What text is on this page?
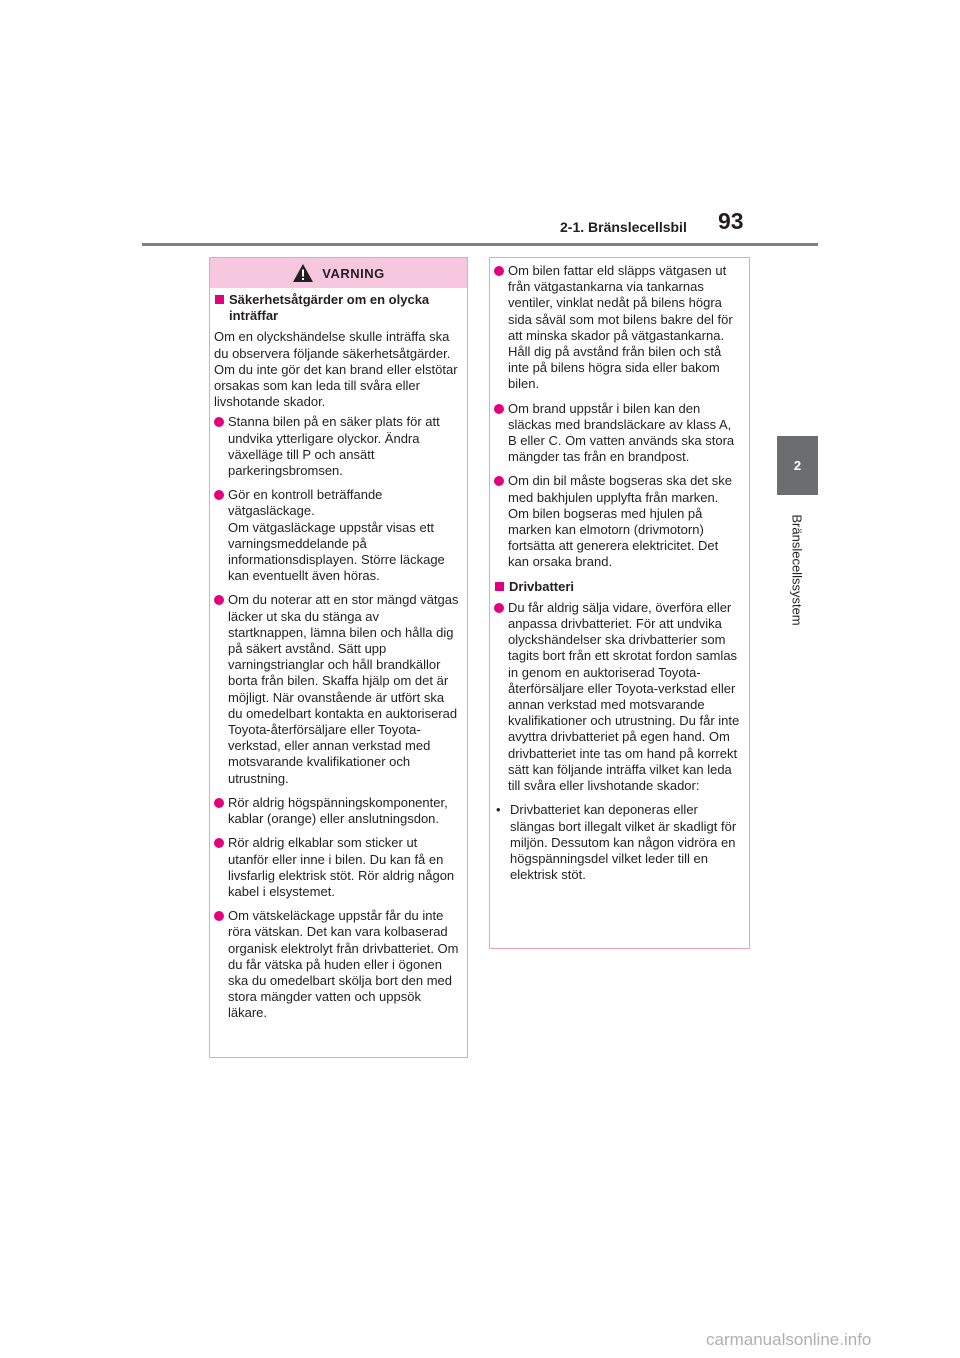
2-1. Bränslecellsbil 93
2
Bränslecellssystem
VARNING
Säkerhetsåtgärder om en olycka inträffar
Om en olyckshändelse skulle inträffa ska du observera följande säkerhetsåtgärder. Om du inte gör det kan brand eller elstötar orsakas som kan leda till svåra eller livshotande skador.
Stanna bilen på en säker plats för att undvika ytterligare olyckor. Ändra växelläge till P och ansätt parkeringsbromsen.
Gör en kontroll beträffande vätgasläckage.
Om vätgasläckage uppstår visas ett varningsmeddelande på informationsdisplayen. Större läckage kan eventuellt även höras.
Om du noterar att en stor mängd vätgas läcker ut ska du stänga av startknappen, lämna bilen och hålla dig på säkert avstånd. Sätt upp varningstrianglar och håll brandkällor borta från bilen. Skaffa hjälp om det är möjligt. När ovanstående är utfört ska du omedelbart kontakta en auktoriserad Toyota-återförsäljare eller Toyota-verkstad, eller annan verkstad med motsvarande kvalifikationer och utrustning.
Rör aldrig högspänningskomponenter, kablar (orange) eller anslutningsdon.
Rör aldrig elkablar som sticker ut utanför eller inne i bilen. Du kan få en livsfarlig elektrisk stöt. Rör aldrig någon kabel i elsystemet.
Om vätskeläckage uppstår får du inte röra vätskan. Det kan vara kolbaserad organisk elektrolyt från drivbatteriet. Om du får vätska på huden eller i ögonen ska du omedelbart skölja bort den med stora mängder vatten och uppsök läkare.
Om bilen fattar eld släpps vätgasen ut från vätgastankarna via tankarnas ventiler, vinklat nedåt på bilens högra sida såväl som mot bilens bakre del för att minska skador på vätgastankarna. Håll dig på avstånd från bilen och stå inte på bilens högra sida eller bakom bilen.
Om brand uppstår i bilen kan den släckas med brandsläckare av klass A, B eller C. Om vatten används ska stora mängder tas från en brandpost.
Om din bil måste bogseras ska det ske med bakhjulen upplyfta från marken. Om bilen bogseras med hjulen på marken kan elmotorn (drivmotorn) fortsätta att generera elektricitet. Det kan orsaka brand.
Drivbatteri
Du får aldrig sälja vidare, överföra eller anpassa drivbatteriet. För att undvika olyckshändelser ska drivbatterier som tagits bort från ett skrotat fordon samlas in genom en auktoriserad Toyota-återförsäljare eller Toyota-verkstad eller annan verkstad med motsvarande kvalifikationer och utrustning. Du får inte avyttra drivbatteriet på egen hand. Om drivbatteriet inte tas om hand på korrekt sätt kan följande inträffa vilket kan leda till svåra eller livshotande skador:
• Drivbatteriet kan deponeras eller slängas bort illegalt vilket är skadligt för miljön. Dessutom kan någon vidröra en högspänningsdel vilket leder till en elektrisk stöt.
carmanualsonline.info
